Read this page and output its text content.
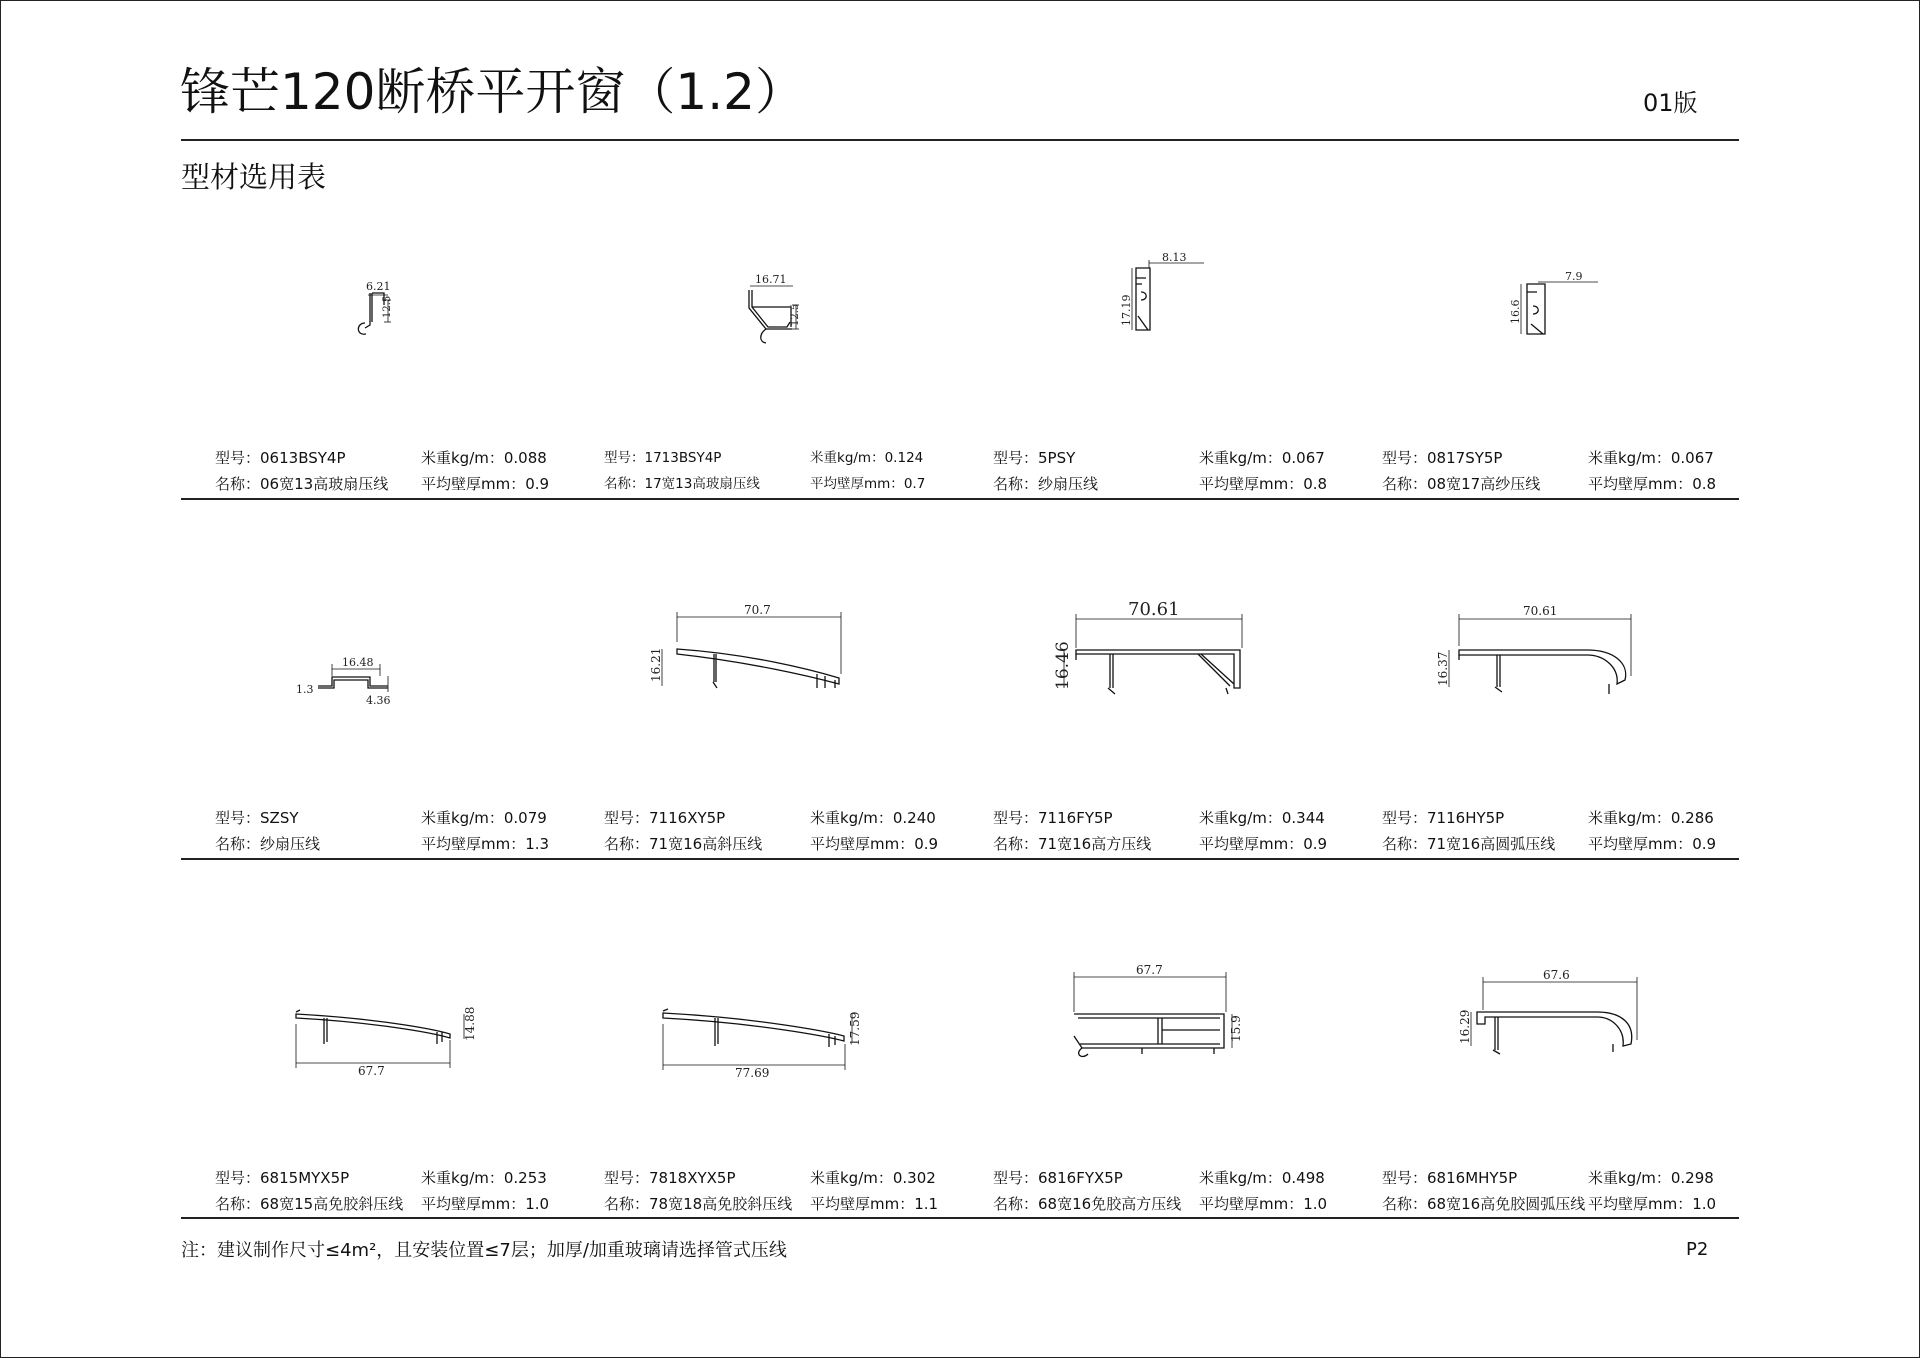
锋芒120断桥平开窗（1.2）	01版
型材选用表
6.21
12.5
型号：0613BSY4P
名称：06宽13高玻扇压线
米重kg/m：0.088
平均壁厚mm：0.9
16.71
12.5
型号：1713BSY4P
名称：17宽13高玻扇压线
米重kg/m：0.124
平均壁厚mm：0.7
8.13
17.19
型号：5PSY
名称：纱扇压线
米重kg/m：0.067
平均壁厚mm：0.8
7.9
16.6
型号：0817SY5P
名称：08宽17高纱压线
米重kg/m：0.067
平均壁厚mm：0.8
16.48
1.3
4.36
型号：SZSY
名称：纱扇压线
米重kg/m：0.079
平均壁厚mm：1.3
70.7
16.21
型号：7116XY5P
名称：71宽16高斜压线
米重kg/m：0.240
平均壁厚mm：0.9
70.61
16.46
型号：7116FY5P
名称：71宽16高方压线
米重kg/m：0.344
平均壁厚mm：0.9
70.61
16.37
型号：7116HY5P
名称：71宽16高圆弧压线
米重kg/m：0.286
平均壁厚mm：0.9
67.7
14.88
型号：6815MYX5P
名称：68宽15高免胶斜压线
米重kg/m：0.253
平均壁厚mm：1.0
77.69
17.59
型号：7818XYX5P
名称：78宽18高免胶斜压线
米重kg/m：0.302
平均壁厚mm：1.1
67.7
15.9
型号：6816FYX5P
名称：68宽16免胶高方压线
米重kg/m：0.498
平均壁厚mm：1.0
67.6
16.29
型号：6816MHY5P
名称：68宽16高免胶圆弧压线
米重kg/m：0.298
平均壁厚mm：1.0
注：建议制作尺寸≤4m²，且安装位置≤7层；加厚/加重玻璃请选择管式压线	P2
